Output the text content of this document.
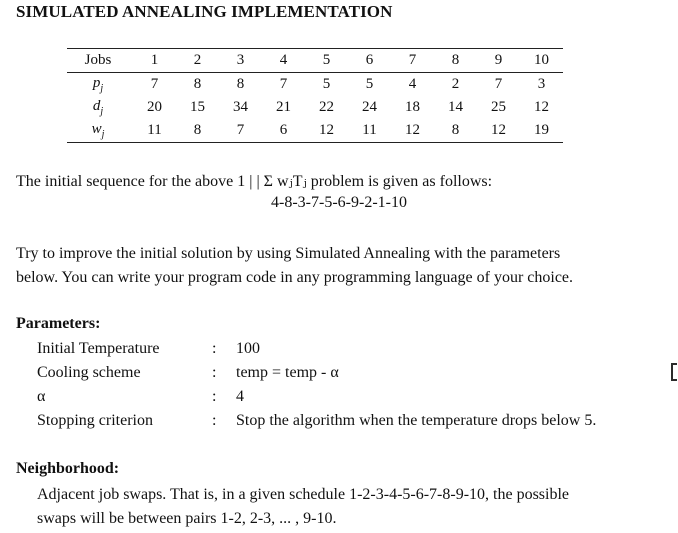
SIMULATED ANNEALING IMPLEMENTATION
Jobs	1	2	3	4	5	6	7	8	9	10
$p_j$	7	8	8	7	5	5	4	2	7	3
$d_j$	20	15	34	21	22	24	18	14	25	12
$w_j$	11	8	7	6	12	11	12	8	12	19
The initial sequence for the above 1 | | Σ wⱼTⱼ problem is given as follows:
4-8-3-7-5-6-9-2-1-10
Try to improve the initial solution by using Simulated Annealing with the parameters
below. You can write your program code in any programming language of your choice.
Parameters:
Initial Temperature	: 100
Cooling scheme	: temp = temp - α
α	: 4
Stopping criterion	: Stop the algorithm when the temperature drops below 5.
Neighborhood:
Adjacent job swaps. That is, in a given schedule 1-2-3-4-5-6-7-8-9-10, the possible
swaps will be between pairs 1-2, 2-3, ... , 9-10.
